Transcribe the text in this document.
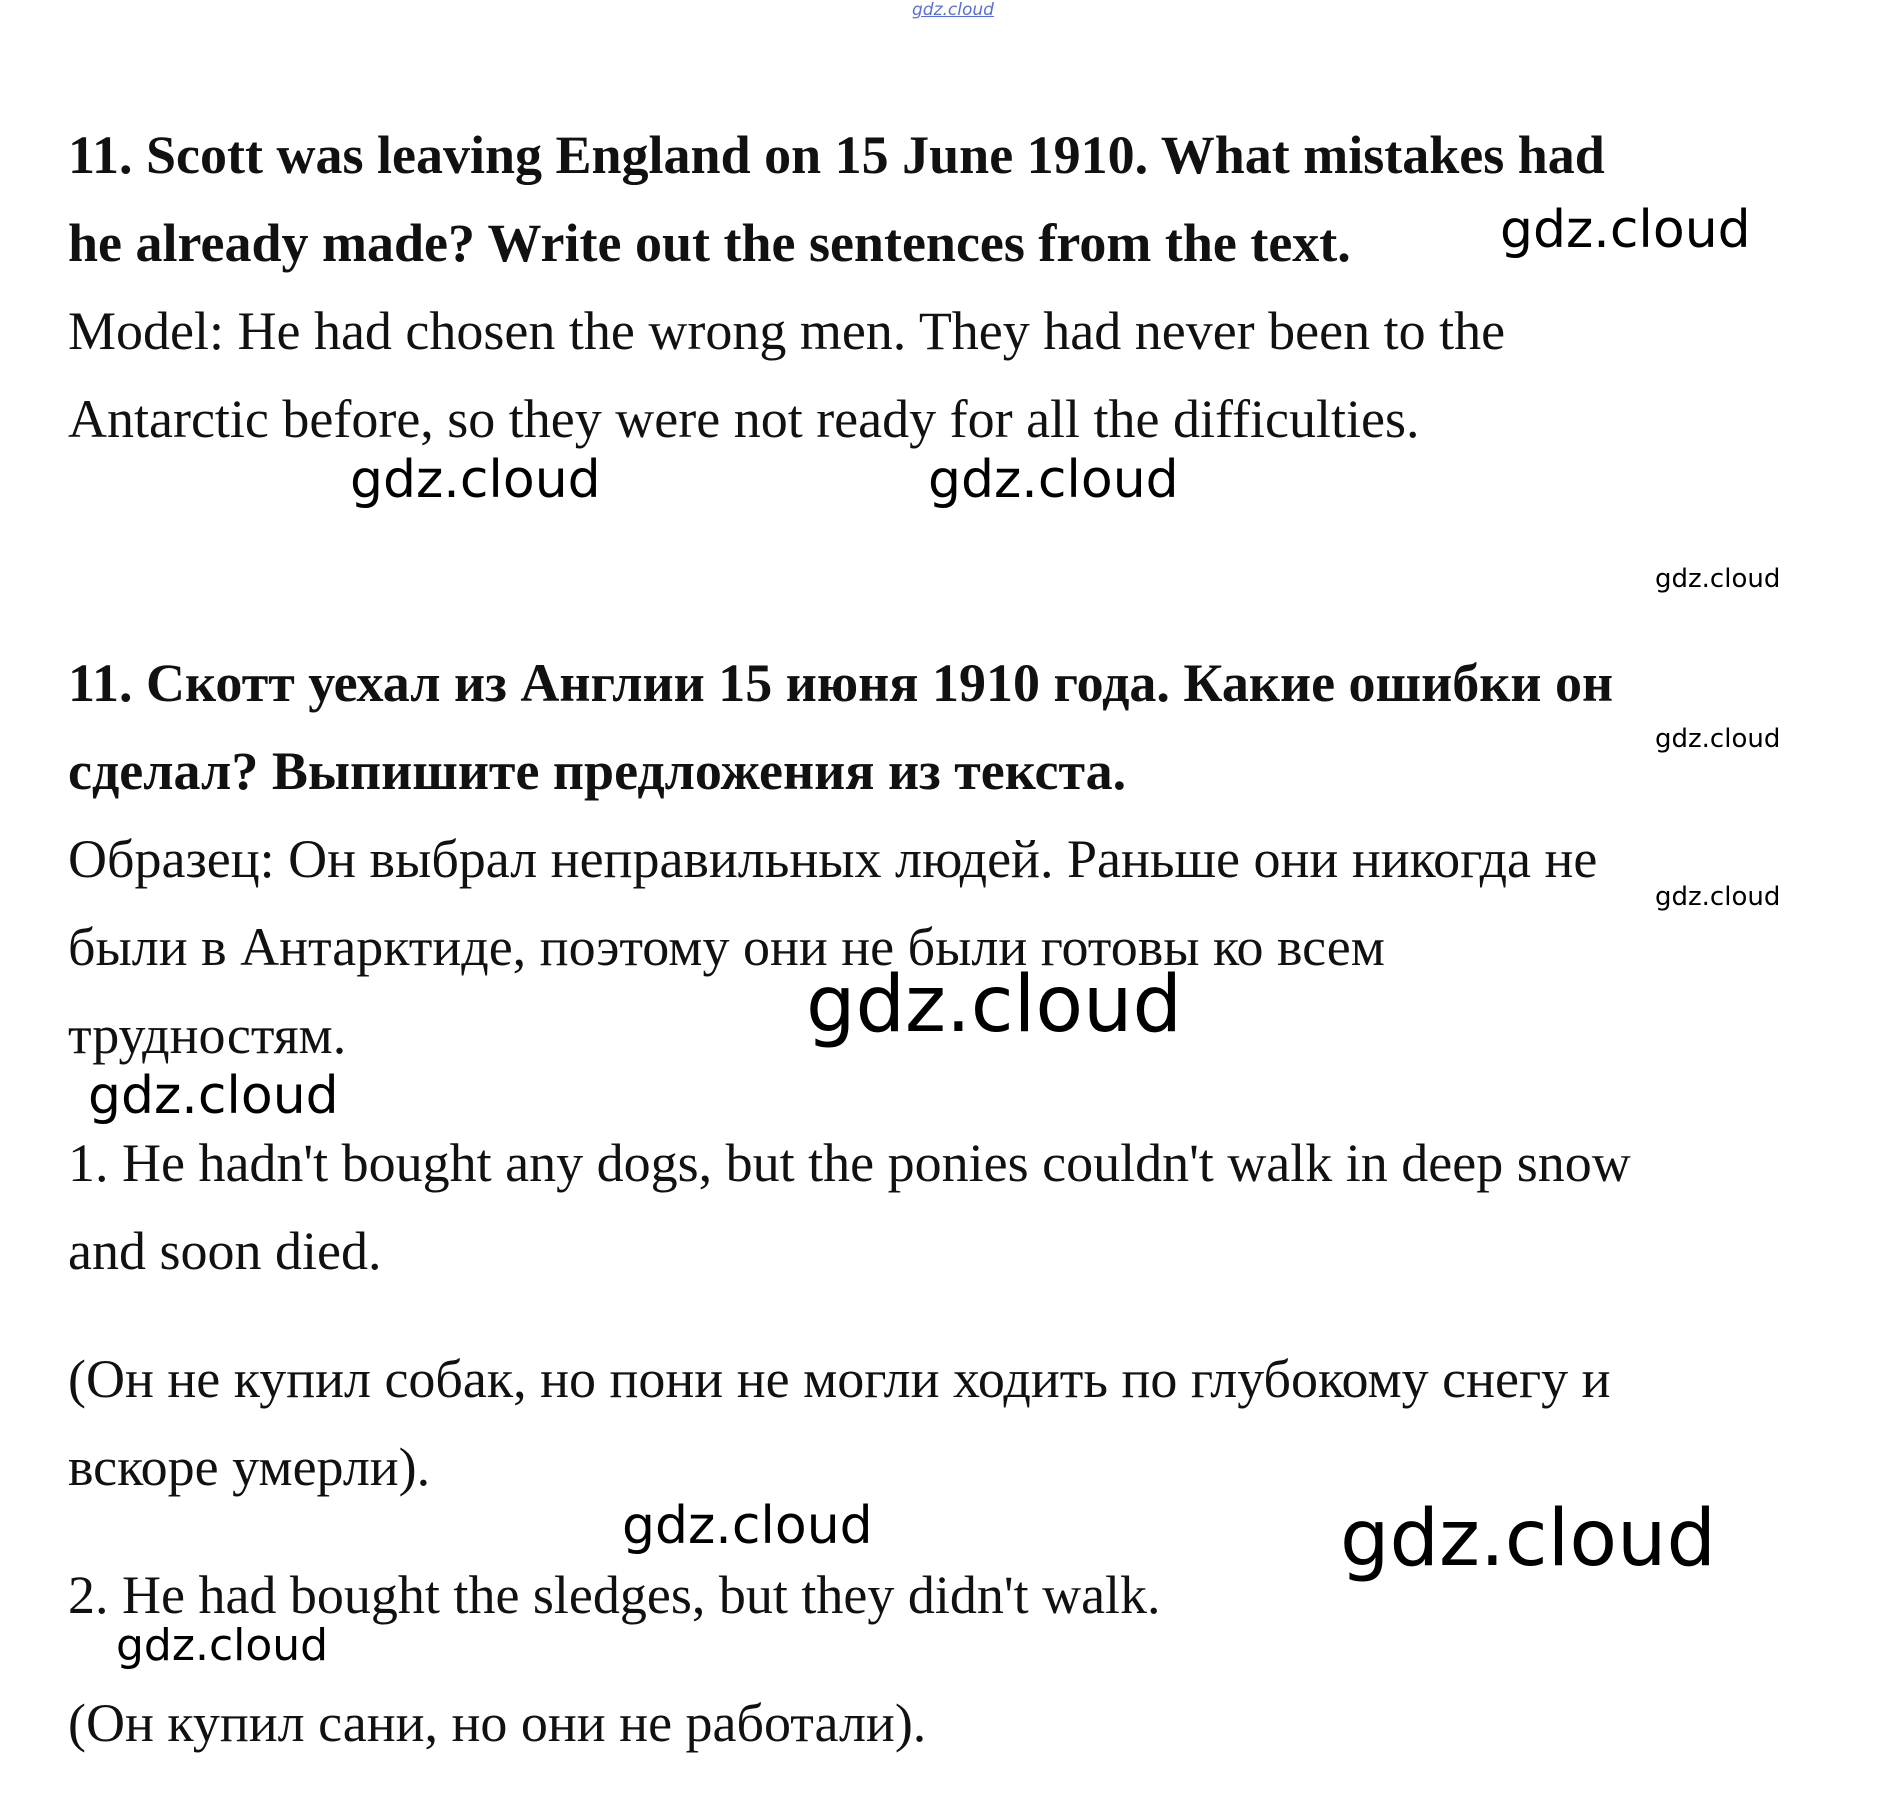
gdz.cloud
gdz.cloud
gdz.cloud	gdz.cloud
gdz.cloud
gdz.cloud
gdz.cloud
gdz.cloud
gdz.cloud
gdz.cloud	gdz.cloud
gdz.cloud
11. Scott was leaving England on 15 June 1910. What mistakes had
he already made? Write out the sentences from the text.
Model: He had chosen the wrong men. They had never been to the
Antarctic before, so they were not ready for all the difficulties.
11. Скотт уехал из Англии 15 июня 1910 года. Какие ошибки он
сделал? Выпишите предложения из текста.
Образец: Он выбрал неправильных людей. Раньше они никогда не
были в Антарктиде, поэтому они не были готовы ко всем
трудностям.
1. He hadn't bought any dogs, but the ponies couldn't walk in deep snow
and soon died.
(Он не купил собак, но пони не могли ходить по глубокому снегу и
вскоре умерли).
2. He had bought the sledges, but they didn't walk.
(Он купил сани, но они не работали).
